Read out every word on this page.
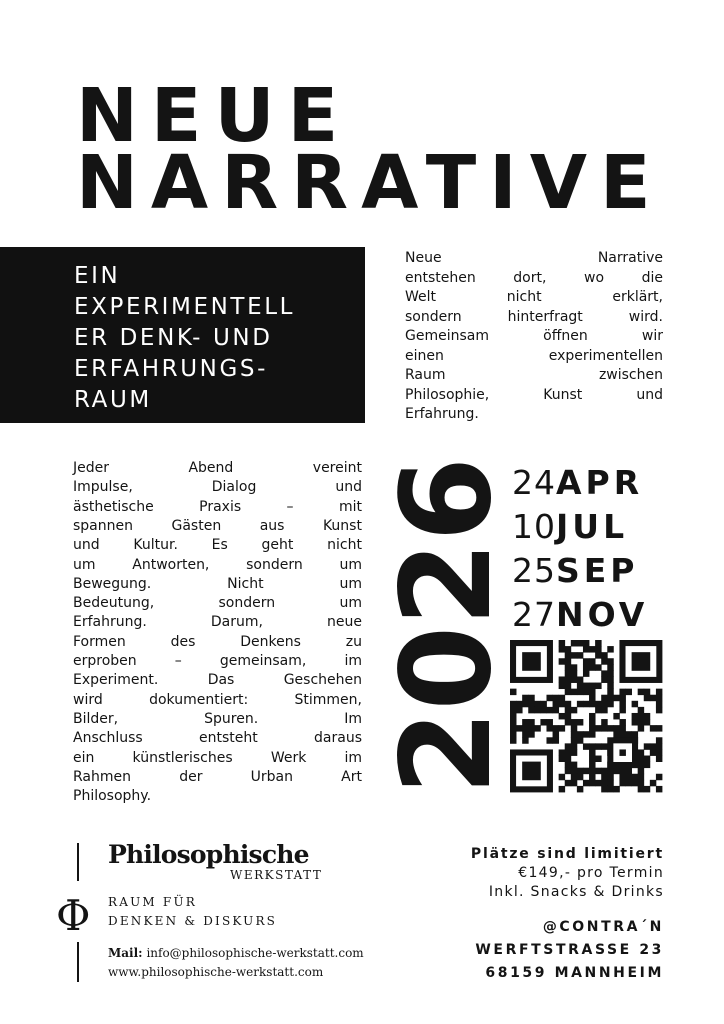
NEUE
NARRATIVE
EIN
EXPERIMENTELL
ER DENK- UND
ERFAHRUNGS-
RAUM
Neue	Narrative
entstehen	dort,	wo	die
Welt	nicht	erklärt,
sondern	hinterfragt	wird.
Gemeinsam	öffnen	wir
einen	experimentellen
Raum	zwischen
Philosophie,	Kunst	und
Erfahrung.
Jeder	Abend	vereint
Impulse,	Dialog	und
ästhetische	Praxis	–	mit
spannen	Gästen	aus	Kunst
und Kultur. Es geht nicht
um	Antworten,	sondern	um
Bewegung.	Nicht	um
Bedeutung,	sondern	um
Erfahrung.	Darum,	neue
Formen	des	Denkens	zu
erproben	–	gemeinsam,	im
Experiment.	Das	Geschehen
wird	dokumentiert:	Stimmen,
Bilder,	Spuren.	Im
Anschluss	entsteht	daraus
ein	künstlerisches	Werk	im
Rahmen	der	Urban	Art
Philosophy.
2026
24APR
10JUL
25SEP
27NOV
Philosophische
WERKSTATT
Φ RAUM FÜR
DENKEN & DISKURS
Mail: info@philosophische-werkstatt.com
www.philosophische-werkstatt.com
Plätze sind limitiert
€149,- pro Termin
Inkl. Snacks & Drinks
@CONTRA´N
WERFTSTRASSE 23
68159 MANNHEIM
